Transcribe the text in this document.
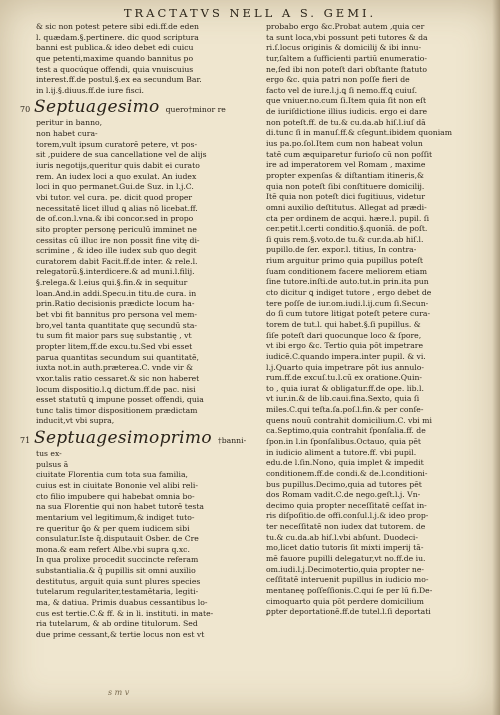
TRACTATVS NELL A S. GEMI.
& sic non potest petere sibi edi.ff.de eden
l. quædam.§.pertinere. dic quod scriptura
banni est publica.& ideo debet edi cuicu
que petenti,maxime quando bannitus po
test a quocúque offendi, quia vnuiscuius
interest.ff.de postul.§.ex ea secundum Bar.
in l.ij.§.diuus.ff.de iure fisci.
70 Septuagesimo quero†minor re
peritur in banno,
non habet cura-
torem,vult ipsum curatorē petere, vt pos-
sit ,puidere de sua cancellatione vel de alijs
iuris negotijs,queritur quis dabit ei curato
rem. An iudex loci a quo exulat. An iudex
loci in quo permanet.Gui.de Suz. in l.j.C.
vbi tutor. vel cura. pe. dicit quod proper
necessitatē licet illud ꝗ alias nō licebat.ff.
de of.con.l.vna.& ibi concor.sed in propo
sito propter personę periculū imminet ne
cessitas cū illuc ire non possit fine vitę di-
scrimine , & ideo ille iudex sub quo degit
curatorem dabit Facit.ff.de inter. & rele.l.
relegatorū.§.interdicere.& ad muni.l.filij.
§.relega.& l.eius qui.§.fin.& in sequitur
loan.And.in addi.Specu.in titu.de cura. in
prin.Ratio decisionis prædicte locum ha-
bet vbi fit bannitus pro persona vel mem-
bro,vel tanta quantitate quę secundū sta-
tu sum fit maior pars suę substantię , vt
propter litem,ff.de excu.tu.Sed vbi esset
parua quantitas secundum sui quantitatē,
iuxta not.in auth.præterea.C. vnde vir &
vxor.talis ratio cessaret.& sic non haberet
locum dispositio.l.ꝗ dictum.ff.de pac. nisi
esset statutū ꝗ impune posset offendi, quia
tunc talis timor dispositionem prædictam
inducit,vt vbi supra,
71 Septuagesimoprimo †banni-
tus ex-
pulsus ā
ciuitate Florentia cum tota sua familia,
cuius est in ciuitate Bononie vel alibi reli-
cto filio impubere qui habebat omnia bo-
na sua Florentie qui non habet tutorē testa
mentarium vel legitimum,& indiget tuto-
re queritur ꝗ̄o & per quem iudicem sibi
consulatur.Iste q̄.disputauit Osber. de Cre
mona.& eam refert Albe.vbi supra q.xc.
In qua prolixe procedit succincte referam
substantialia.& q̄ pupillis sit omni auxilio
destitutus, arguit quia sunt plures species
tutelarum regulariter,testamētaria, legiti-
ma, & datiua. Primis duabus cessantibus lo-
cus est tertie.C.& ff. & in li. instituti. in mate-
ria tutelarum, & ab ordine titulorum. Sed
due prime cessant,& tertie locus non est vt
probabo ergo &c.Probat autem ,quia cer
ta sunt loca,vbi possunt peti tutores & da
ri.ſ.locus originis & domicilij & ibi innu-
tur,ſaltem a ſufficienti partiū enumeratio-
ne,ſed ibi non poteſt dari obſtante ſtatuto
ergo &c. quia patri non poſſe fieri de
facto vel de iure.l.j.ꝗ ſi nemo.ff.ꝗ cuiuſ.
que vniuer.no.cum ſi.Item quia ſit non eſt
de iuriſdictione illius iudicis. ergo ei dare
non poteſt.ff. de tu.& cu.da.ab hiſ.l.iuſ dā
di.tunc ſi in manuſ.ff.& cſegunt.ibidem quoniam
ius pa.po.ſol.Item cum non habeat volun
tatē cum æquiparetur furioſo cū non poſſit
ire ad imperatorem vel Romam , maxime
propter expenſas & diſtantiam itineris,&
quia non poteſt ſibi conſtituere domicilij.
Itē quia non poteſt dici fugitiuus, videtur
omni auxilio deſtitutus. Allegat ad prædi-
cta per ordinem de acqui. hære.l. pupil. ſi
cer.petit.l.certi conditio.§.quonīā. de poſt.
ſi quis rem.§.voto.de tu.& cur.da.ab hiſ.l.
pupillo.de ſer. expor.l. titius, In contra-
rium arguitur primo quia pupillus poteſt
ſuam conditionem facere meliorem etiam
ſine tutore.inſti.de auto.tut.in prin.ita pun
cto dicitur ꝗ indiget tutore , ergo debet de
tere poſſe de iur.om.iudi.l.ij.cum ſi.Secun-
do ſi cum tutore litigat poteſt petere cura-
torem de tut.l. qui habet.§.ſi pupillus. &
ſiſe poteſt dari quocunque loco & ſpore,
vt ibi ergo &c. Tertio quia pōt impetrare
iudicē.C.quando impera.inter pupil. & vi.
l.j.Quarto quia impetrare pōt ius annulo-
rum.ff.de excuſ.tu.l.cū ex oratione.Quin-
to , quia iurat & obligatur.ff.de ope. lib.l.
vt iur.in.& de lib.caui.fina.Sexto, quia ſi
miles.C.qui teſta.ſa.poſ.l.fin.& per conſe-
quens nouū contrahit domicilium.C. vbi mi
ca.Septimo,quia contrahit ſponſalia.ff. de
ſpon.in l.in ſponſalibus.Octauo, quia pēt
in iudicio aliment a tutore.ff. vbi pupil.
edu.de l.ſin.Nono, quia implet & impedit
conditionem.ff.de condi.& de.l.conditioni-
bus pupillus.Decimo,quia ad tutores pēt
dos Romam vadit.C.de nego.geſt.l.j. Vn-
decimo quia propter neceſſitatē ceſſat in-
ris diſpoſitio.de offi.conſul.l.j.& ideo prop-
ter neceſſitatē non iudex dat tutorem. de
tu.& cu.da.ab hiſ.l.vbi abſunt. Duodeci-
mo,licet datio tutoris ſit mixti imperij tā-
mē fauore pupilli delegatur,vt no.ff.de iu.
om.iudi.l.j.Decimotertio,quia propter ne-
ceſſitatē interuenit pupillus in iudicio mo-
mentaneę poſſeſſionis.C.qui ſe per lū fi.De-
cimoquarto quia pōt perdere domicilium
ꝑpter deportationē.ff.de tutel.l.ſi deportati
s m v
